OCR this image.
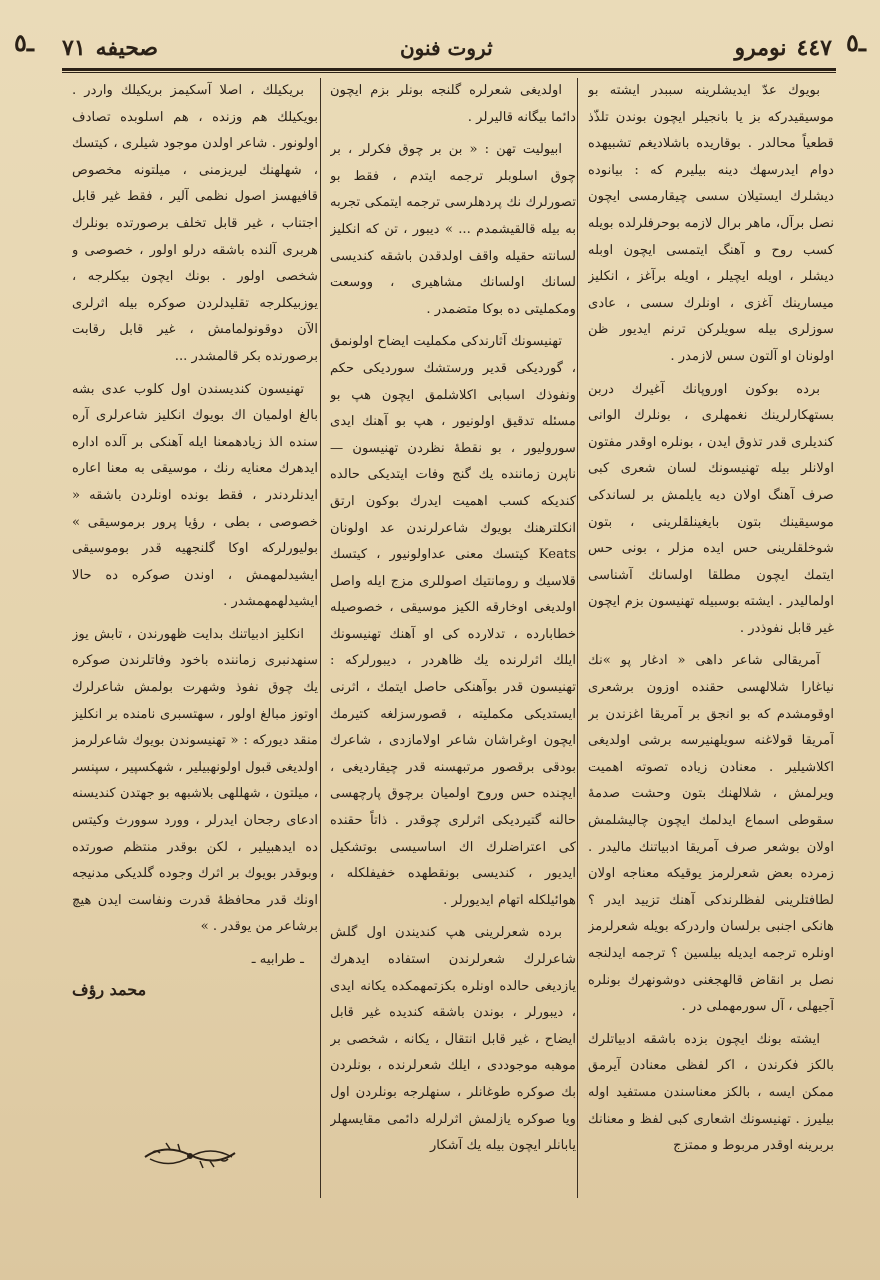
ـ٥	ـ٥
٤٤٧
نومرو
ثروت فنون
صحيفه
٧١

بويوك عدّ ايديشلرينه سببدر ايشته بو موسيقيدركه بز يا بانجيلر ايچون بوندن تلذّذ قطعياً محالدر . بوقاريده باشلادیغم تشبيهده دوام ايدرسهك دينه بيليرم كه : بيانوده ديشلرك ايستيلان سسى چيقارمسى ايچون نصل برآل، ماهر برال لازمه بوحرفلرلده بويله كسب روح و آهنگ ايتمسى ايچون اوبله ديشلر ، اويله ايچيلر ، اويله برآغز ، انكليز ميسارينك آغزى ، اونلرك سسى ، عادى سوزلرى بيله سويلرکن ترنم ايديور ظن اولونان او آلتون سس لازمدر .

برده بوكون اوروپانك آغيرك دربن بستهكارلرينك نغمهلرى ، بونلرك الوانى كنديلرى قدر تذوق ايدن ، بونلره اوقدر مفتون اولانلر بيله تهنيسونك لسان شعرى كبى صرف آهنگ اولان ديه يايلمش بر لساندكى موسيقينك بتون بايغينلقلرينى ، بتون شوخلقلرينى حس ايده مزلر ، بونى حس ايتمك ايچون مطلقا اولسانك آشناسى اولمالیدر . ايشته بوسبيله تهنيسون بزم ايچون غير قابل نفوذدر .

آمريقالى شاعر داهى « ادغار پو »نك نياغارا شلالهسى حقنده اوزون برشعرى اوقومشدم كه بو انجق بر آمريقا اغزندن بر آمريقا قولاغنه سويلهنيرسه برشى اولديغى اكلاشيلير . معنادن زياده تصوته اهميت ويرلمش ، شلالهنك بتون وحشت صدمهٔ سقوطى اسماع ايدلمك ايچون چاليشلمش اولان بوشعر صرف آمريقا ادبياتنك مالیدر . زمرده بعض شعرلرمز يوقيكه معناجه اولان لطافتلرينى لفظلرندكى آهنك تزييد ايدر ؟ هانكى اجنبى برلسان واردركه بويله شعرلرمز اونلره ترجمه ايديله بيلسين ؟ ترجمه ايدلنجه نصل بر انقاض قالهجغنى دوشونهرك بونلره آجيهلى ، آل سورمهملى در .

ايشته بونك ايچون بزده باشقه ادبياتلرك بالكز فكرندن ، اكر لفظى معنادن آيرمق ممكن ايسه ، بالكز معناسندن مستفيد اوله بيليرز . تهنيسونك اشعارى كبى لفظ و معنانك بربرينه اوقدر مربوط و ممتزج

اولديغى شعرلره گلنجه بونلر بزم ايچون دائما بيگانه قاليرلر .

ابيوليت تهن : « بن بر چوق فكرلر ، بر چوق اسلوبلر ترجمه ايتدم ، فقط بو تصورلرك نك پردهلرسى ترجمه ايتمكى تجربه به بيله قالقيشمدم ... » ديبور ، تن كه انكليز لسانته حقيله واقف اولدقدن باشقه كنديسى لسانك اولسانك مشاهيرى ، ووسعت ومكمليتى ده بوكا متضمدر .

تهنيسونك آثارندكى مكمليت ايضاح اولونمق ، گورديكى قدير ورستشك سورديكى حكم ونفوذك اسبابى اكلاشلمق ايچون هپ بو مسئله تدقيق اولونيور ، هپ بو آهنك ايدى سوروليور ، بو نقطهٔ نظردن تهنيسون — ناپرن زماننده يك گنج وفات ايتديكى حالده كنديكه كسب اهميت ايدرك بوكون ارتق انكلترهنك بويوك شاعرلرندن عد اولونان Keats كيتسك معنى عداولونيور ، كيتسك قلاسيك و رومانتيك اصوللرى مزج ايله واصل اولديغى اوخارقه الكيز موسيقى ، خصوصيله خطابارده ، تدلارده كى او آهنك تهنيسونك ايلك اثرلرنده يك ظاهردر ، ديبورلركه : تهنيسون قدر بوآهنكى حاصل ايتمك ، اثرنى ايستديكى مكمليته ، قصورسزلغه كتيرمك ايچون اوغراشان شاعر اولامازدى ، شاعرك بودقى برقصور مرتبهسنه قدر چيقارديغى ، ايچنده حس وروح اولميان برچوق پارچهسى حالنه گتيرديكى اثرلرى چوقدر . ذاتاً حقنده كى اعتراضلرك اك اساسيسى بوتشكيل ايديور ، كنديسى بونقطهده خفيفلكله ، هوائيلكله اتهام ايديورلر .

برده شعرلرينى هپ كنديندن اول گلش شاعرلرك شعرلرندن استفاده ايدهرك يازديغى حالده اونلره بكزتمهمكده يكانه ايدى ، ديبورلر ، بوندن باشقه كنديده غير قابل ايضاح ، غير قابل انتقال ، يكانه ، شخصى بر موهبه موجوددى ، ايلك شعرلرنده ، بونلردن بك صوكره طوغانلر ، سنهلرجه بونلردن اول ويا صوكره يازلمش اثرلرله دائمى مقايسهلر يابانلر ايچون بيله يك آشكار

بريكيلك ، اصلا آسكيمز بريكيلك واردر . بويكيلك هم وزنده ، هم اسلوبده تصادف اولونور . شاعر اولدن موجود شيلرى ، كيتسك ، شهلهنك ليريزمنى ، ميلتونه مخصوص قافيهسز اصول نظمى آلير ، فقط غير قابل اجتناب ، غير قابل تخلف برصورتده بونلرك هربرى آلنده باشقه درلو اولور ، خصوصى و شخصى اولور . بونك ايچون بيكلرجه ، يوزبيكلرجه تقليدلردن صوكره بيله اثرلرى الآن دوقونولمامش ، غير قابل رقابت برصورنده بكر قالمشدر ...

تهنيسون كنديسندن اول كلوب عدى بشه بالغ اولميان اك بويوك انكليز شاعرلرى آره سنده الذ زيادهمعنا ايله آهنكى بر آلده اداره ايدهرك معنايه رنك ، موسيقى به معنا اعاره ايدنلردندر ، فقط بونده اونلردن باشقه « خصوصى ، بطى ، رؤيا پرور برموسيقى » بوليورلركه اوكا گلنجهيه قدر بوموسيقى ايشيدلمهمش ، اوندن صوكره ده حالا ايشيدلهمهمشدر .

انكليز ادبياتنك بدايت ظهورندن ، تابش يوز سنهدنبرى زماننده باخود وفاتلرندن صوكره يك چوق نفوذ وشهرت بولمش شاعرلرك اوتوز مبالغ اولور ، سهتسبرى نامنده بر انكليز منقد ديوركه : « تهنيسوندن بويوك شاعرلرمز اولديغى قبول اولونهبيلير ، شهكسپير ، سپنسر ، ميلتون ، شهللهى بلاشبهه بو جهتدن كنديسنه ادعاى رجحان ايدرلر ، وورد سوورث وكيتس ده ايدهبيلير ، لكن بوقدر منتظم صورتده وبوقدر بويوك بر اثرك وجوده گلديكى مدنيجه اونك قدر محافظهٔ قدرت ونفاست ايدن هيچ برشاعر من يوقدر . »

ـ طرابيه ـ

محمد رؤف
